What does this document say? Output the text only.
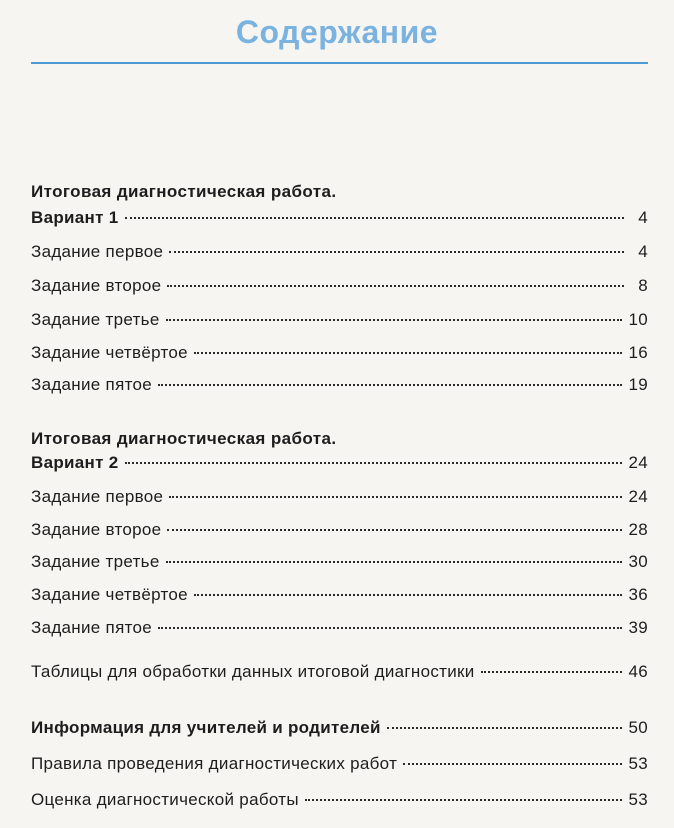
Содержание
Итоговая диагностическая работа.
Вариант 1	4
Задание первое	4
Задание второе	8
Задание третье	10
Задание четвёртое	16
Задание пятое	19
Итоговая диагностическая работа.
Вариант 2	24
Задание первое	24
Задание второе	28
Задание третье	30
Задание четвёртое	36
Задание пятое	39
Таблицы для обработки данных итоговой диагностики	46
Информация для учителей и родителей	50
Правила проведения диагностических работ	53
Оценка диагностической работы	53
